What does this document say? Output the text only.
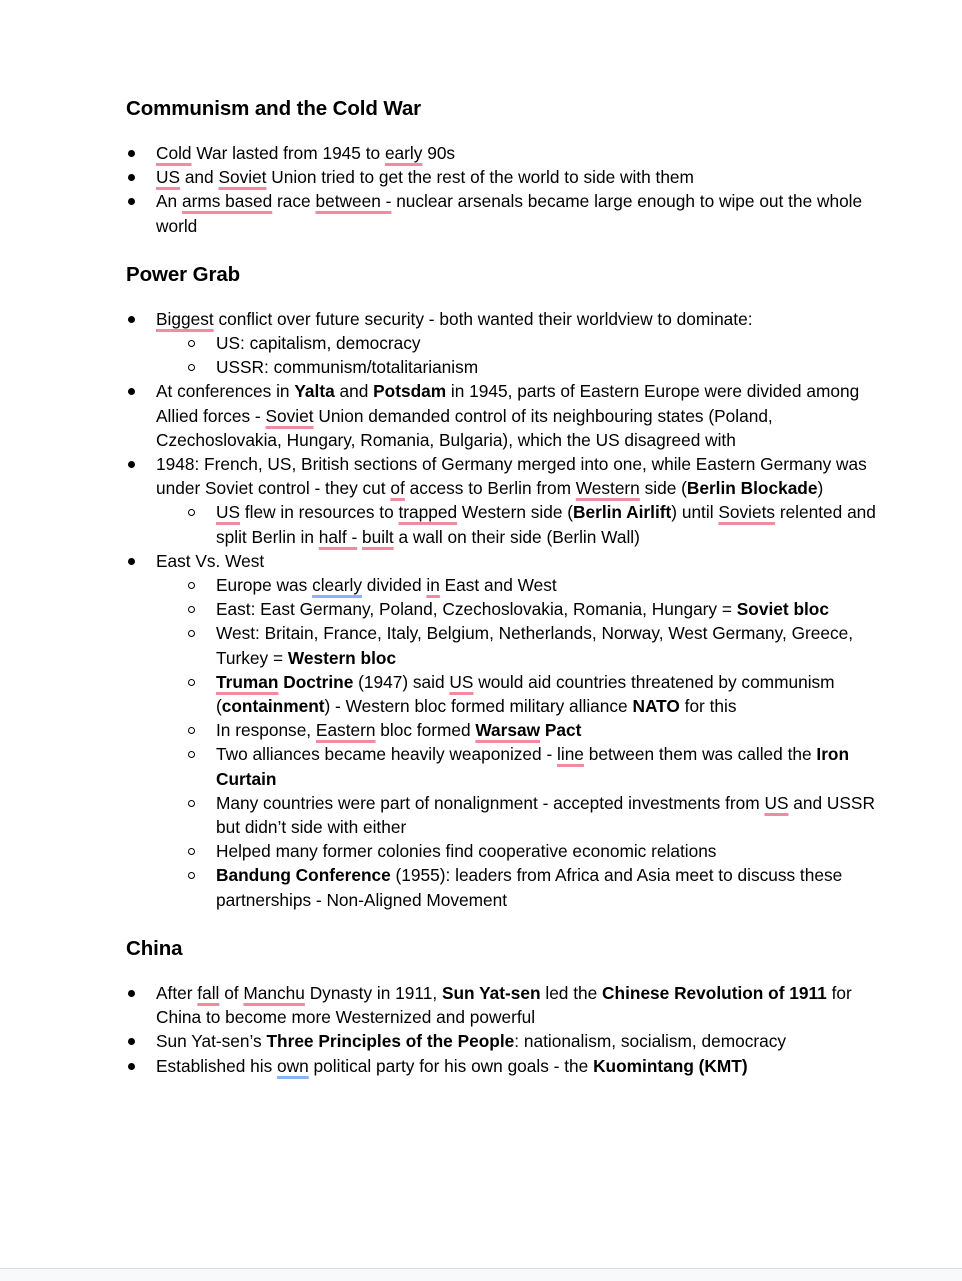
Communism and the Cold War
Cold War lasted from 1945 to early 90s
US and Soviet Union tried to get the rest of the world to side with them
An arms based race between - nuclear arsenals became large enough to wipe out the whole world
Power Grab
Biggest conflict over future security - both wanted their worldview to dominate:
US: capitalism, democracy
USSR: communism/totalitarianism
At conferences in Yalta and Potsdam in 1945, parts of Eastern Europe were divided among Allied forces - Soviet Union demanded control of its neighbouring states (Poland, Czechoslovakia, Hungary, Romania, Bulgaria), which the US disagreed with
1948: French, US, British sections of Germany merged into one, while Eastern Germany was under Soviet control - they cut of access to Berlin from Western side (Berlin Blockade)
US flew in resources to trapped Western side (Berlin Airlift) until Soviets relented and split Berlin in half - built a wall on their side (Berlin Wall)
East Vs. West
Europe was clearly divided in East and West
East: East Germany, Poland, Czechoslovakia, Romania, Hungary = Soviet bloc
West: Britain, France, Italy, Belgium, Netherlands, Norway, West Germany, Greece, Turkey = Western bloc
Truman Doctrine (1947) said US would aid countries threatened by communism (containment) - Western bloc formed military alliance NATO for this
In response, Eastern bloc formed Warsaw Pact
Two alliances became heavily weaponized - line between them was called the Iron Curtain
Many countries were part of nonalignment - accepted investments from US and USSR but didn’t side with either
Helped many former colonies find cooperative economic relations
Bandung Conference (1955): leaders from Africa and Asia meet to discuss these partnerships - Non-Aligned Movement
China
After fall of Manchu Dynasty in 1911, Sun Yat-sen led the Chinese Revolution of 1911 for China to become more Westernized and powerful
Sun Yat-sen’s Three Principles of the People: nationalism, socialism, democracy
Established his own political party for his own goals - the Kuomintang (KMT)
